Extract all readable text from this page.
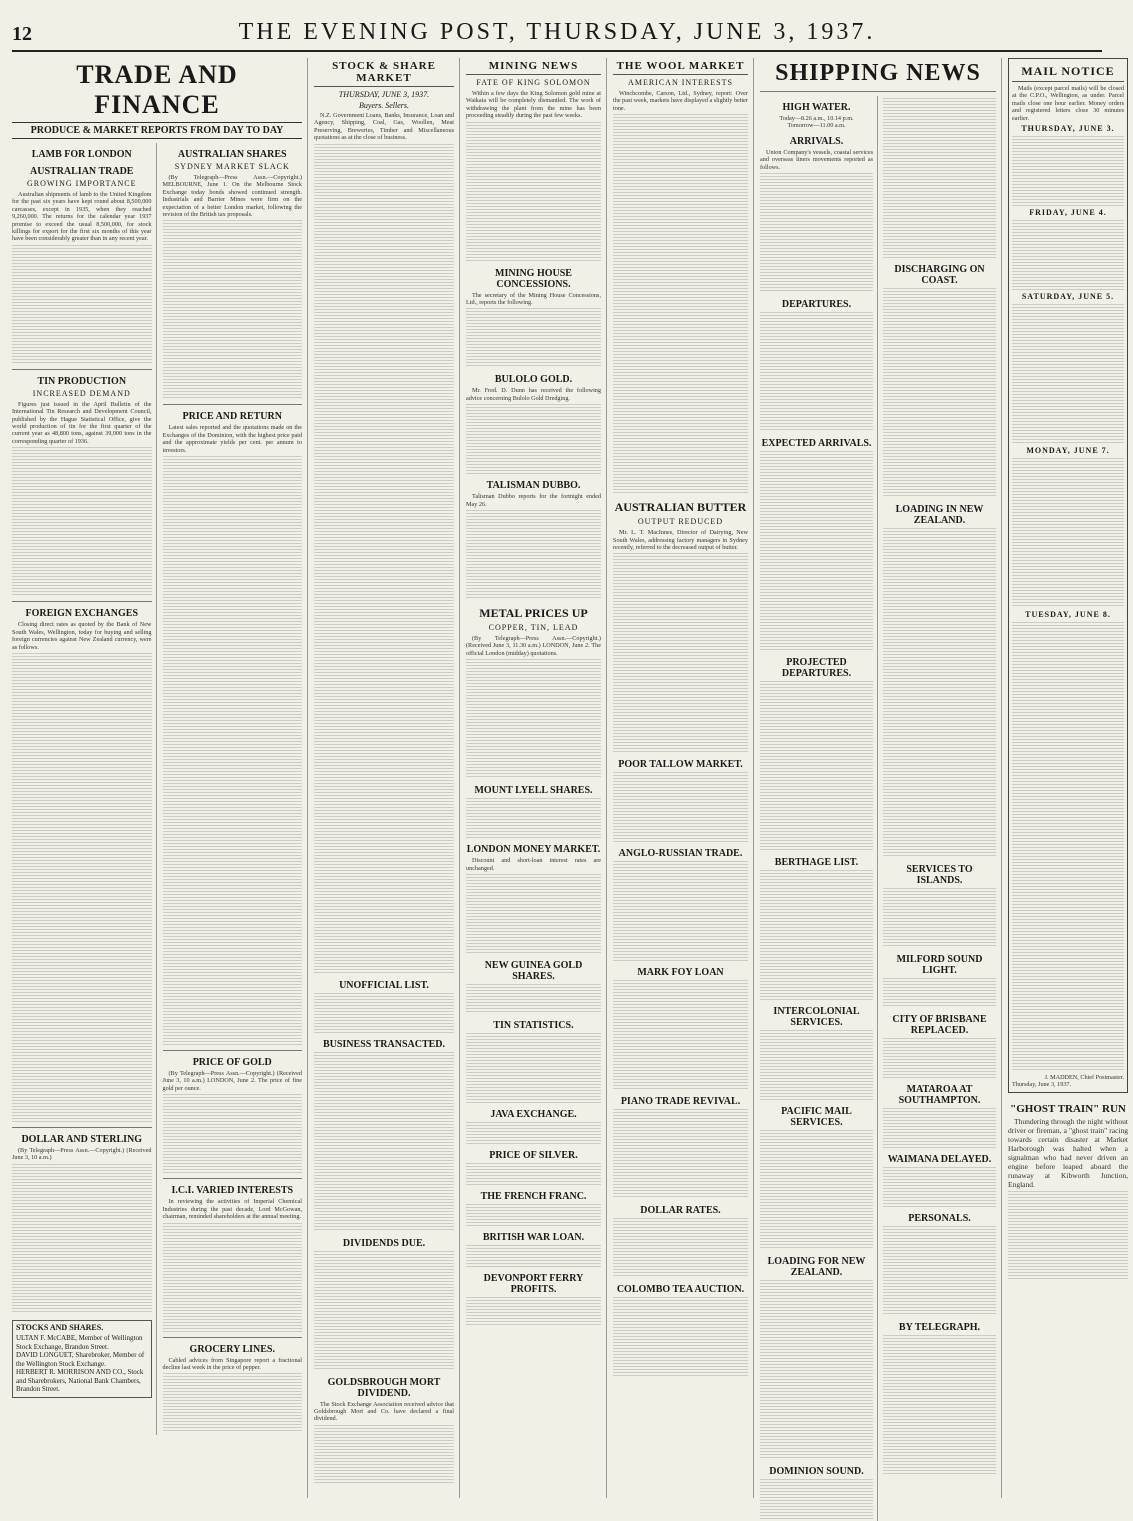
12	THE EVENING POST, THURSDAY, JUNE 3, 1937.
TRADE AND FINANCE
PRODUCE & MARKET REPORTS FROM DAY TO DAY
LAMB FOR LONDON
AUSTRALIAN TRADE
GROWING IMPORTANCE

Australian shipments of lamb to the United Kingdom for the past six years have kept round about 8,500,000 carcasses, except in 1935, when they reached 9,260,000. The returns for the calendar year 1937 promise to exceed the usual 8,500,000, for stock killings for export for the first six months of this year have been considerably greater than in any recent year.

TIN PRODUCTION
INCREASED DEMAND

Figures just issued in the April Bulletin of the International Tin Research and Development Council, published by the Hague Statistical Office, give the world production of tin for the first quarter of the current year as 48,800 tons, against 39,000 tons in the corresponding quarter of 1936.

FOREIGN EXCHANGES

Closing direct rates as quoted by the Bank of New South Wales, Wellington, today for buying and selling foreign currencies against New Zealand currency, were as follows.

DOLLAR AND STERLING

(By Telegraph—Press Assn.—Copyright.) (Received June 3, 10 a.m.)

STOCKS AND SHARES.
ULTAN F. McCABE, Member of Wellington Stock Exchange, Brandon Street.
DAVID LONGUET, Sharebroker, Member of the Wellington Stock Exchange.
HERBERT R. MORRISON AND CO., Stock and Sharebrokers, National Bank Chambers, Brandon Street.
AUSTRALIAN SHARES
SYDNEY MARKET SLACK

(By Telegraph—Press Assn.—Copyright.) MELBOURNE, June 1. On the Melbourne Stock Exchange today bonds showed continued strength. Industrials and Barrier Mines were firm on the expectation of a better London market, following the revision of the British tax proposals.

PRICE AND RETURN

Latest sales reported and the quotations made on the Exchanges of the Dominion, with the highest price paid and the approximate yields per cent. per annum to investors.

PRICE OF GOLD

(By Telegraph—Press Assn.—Copyright.) (Received June 3, 10 a.m.) LONDON, June 2. The price of fine gold per ounce.

I.C.I. VARIED INTERESTS

In reviewing the activities of Imperial Chemical Industries during the past decade, Lord McGowan, chairman, reminded shareholders at the annual meeting.

GROCERY LINES.

Cabled advices from Singapore report a fractional decline last week in the price of pepper.

STOCK & SHARE MARKET
THURSDAY, JUNE 3, 1937.
Buyers. Sellers.

N.Z. Government Loans, Banks, Insurance, Loan and Agency, Shipping, Coal, Gas, Woollen, Meat Preserving, Breweries, Timber and Miscellaneous quotations as at the close of business.

UNOFFICIAL LIST.
BUSINESS TRANSACTED.
DIVIDENDS DUE.
GOLDSBROUGH MORT DIVIDEND.

The Stock Exchange Association received advice that Goldsbrough Mort and Co. have declared a final dividend.

MINING NEWS
FATE OF KING SOLOMON

Within a few days the King Solomon gold mine at Waikaia will be completely dismantled. The work of withdrawing the plant from the mine has been proceeding steadily during the past few weeks.

MINING HOUSE CONCESSIONS.

The secretary of the Mining House Concessions, Ltd., reports the following.

BULOLO GOLD.

Mr. Fred. D. Dunn has received the following advice concerning Bulolo Gold Dredging.

TALISMAN DUBBO.

Talisman Dubbo reports for the fortnight ended May 26.

METAL PRICES UP
COPPER, TIN, LEAD

(By Telegraph—Press Assn.—Copyright.) (Received June 3, 11.30 a.m.) LONDON, June 2. The official London (midday) quotations.

MOUNT LYELL SHARES.
LONDON MONEY MARKET.

Discount and short-loan interest rates are unchanged.

NEW GUINEA GOLD SHARES.
TIN STATISTICS.
JAVA EXCHANGE.
PRICE OF SILVER.
THE FRENCH FRANC.
BRITISH WAR LOAN.
DEVONPORT FERRY PROFITS.
THE WOOL MARKET
AMERICAN INTERESTS

Winchcombe, Carson, Ltd., Sydney, report: Over the past week, markets have displayed a slightly better tone.

AUSTRALIAN BUTTER
OUTPUT REDUCED

Mr. L. T. MacInnes, Director of Dairying, New South Wales, addressing factory managers in Sydney recently, referred to the decreased output of butter.

POOR TALLOW MARKET.
ANGLO-RUSSIAN TRADE.
MARK FOY LOAN
PIANO TRADE REVIVAL.
DOLLAR RATES.
COLOMBO TEA AUCTION.
SHIPPING NEWS
HIGH WATER.
Today—8.26 a.m., 10.14 p.m.
Tomorrow—11.00 a.m.
ARRIVALS.

Union Company's vessels, coastal services and overseas liners movements reported as follows.

DEPARTURES.
EXPECTED ARRIVALS.
PROJECTED DEPARTURES.
BERTHAGE LIST.
INTERCOLONIAL SERVICES.
PACIFIC MAIL SERVICES.
LOADING FOR NEW ZEALAND.
DOMINION SOUND.
DISCHARGING ON COAST.
LOADING IN NEW ZEALAND.
SERVICES TO ISLANDS.
MILFORD SOUND LIGHT.
CITY OF BRISBANE REPLACED.
MATAROA AT SOUTHAMPTON.
WAIMANA DELAYED.
PERSONALS.
BY TELEGRAPH.
MAIL NOTICE

Mails (except parcel mails) will be closed at the C.P.O., Wellington, as under. Parcel mails close one hour earlier. Money orders and registered letters close 30 minutes earlier.

THURSDAY, JUNE 3.
FRIDAY, JUNE 4.
SATURDAY, JUNE 5.
MONDAY, JUNE 7.
TUESDAY, JUNE 8.
J. MADDEN, Chief Postmaster.
Thursday, June 3, 1937.
"GHOST TRAIN" RUN

Thundering through the night without driver or fireman, a "ghost train" racing towards certain disaster at Market Harborough was halted when a signalman who had never driven an engine before leaped aboard the runaway at Kibworth Junction, England.
